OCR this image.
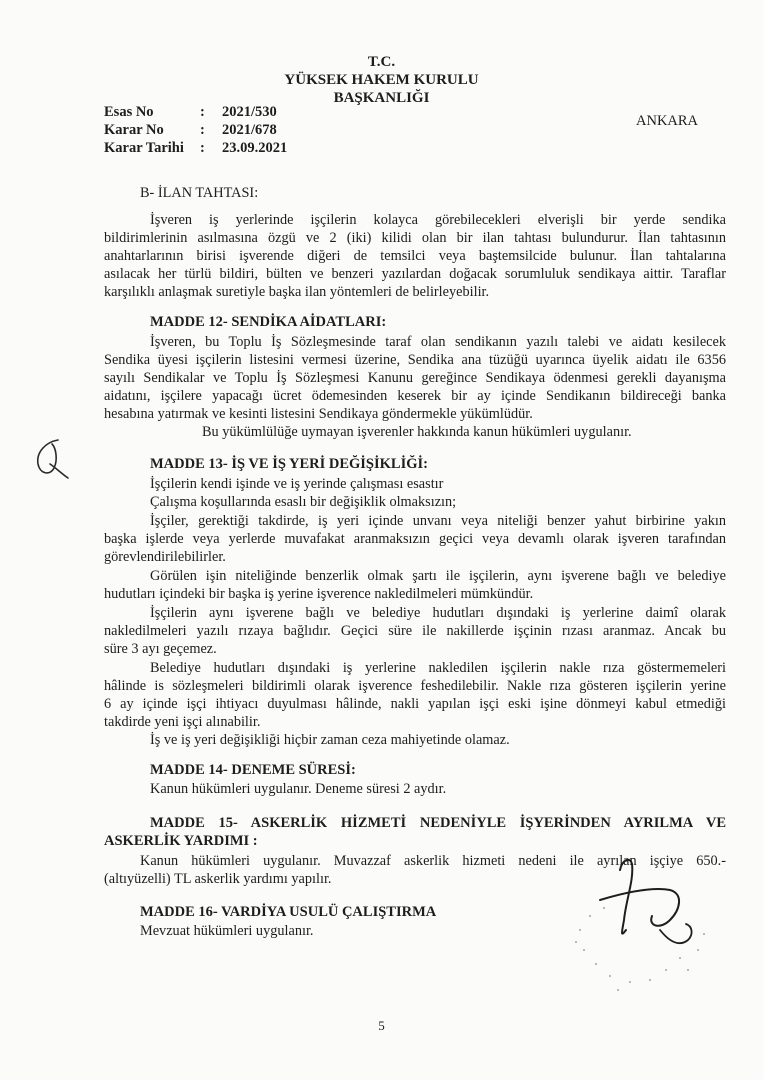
T.C.
YÜKSEK HAKEM KURULU
BAŞKANLIĞI
ANKARA
Esas No	: 2021/530
Karar No	: 2021/678
Karar Tarihi : 23.09.2021
B- İLAN TAHTASI:
İşveren iş yerlerinde işçilerin kolayca görebilecekleri elverişli bir yerde sendika
bildirimlerinin asılmasına özgü ve 2 (iki) kilidi olan bir ilan tahtası bulundurur. İlan tahtasının
anahtarlarının birisi işverende diğeri de temsilci veya baştemsilcide bulunur. İlan tahtalarına
asılacak her türlü bildiri, bülten ve benzeri yazılardan doğacak sorumluluk sendikaya aittir. Taraflar
karşılıklı anlaşmak suretiyle başka ilan yöntemleri de belirleyebilir.
MADDE 12- SENDİKA AİDATLARI:
İşveren, bu Toplu İş Sözleşmesinde taraf olan sendikanın yazılı talebi ve aidatı kesilecek
Sendika üyesi işçilerin listesini vermesi üzerine, Sendika ana tüzüğü uyarınca üyelik aidatı ile 6356
sayılı Sendikalar ve Toplu İş Sözleşmesi Kanunu gereğince Sendikaya ödenmesi gerekli dayanışma
aidatını, işçilere yapacağı ücret ödemesinden keserek bir ay içinde Sendikanın bildireceği banka
hesabına yatırmak ve kesinti listesini Sendikaya göndermekle yükümlüdür.
Bu yükümlülüğe uymayan işverenler hakkında kanun hükümleri uygulanır.
MADDE 13- İŞ VE İŞ YERİ DEĞİŞİKLİĞİ:
İşçilerin kendi işinde ve iş yerinde çalışması esastır
Çalışma koşullarında esaslı bir değişiklik olmaksızın;
İşçiler, gerektiği takdirde, iş yeri içinde unvanı veya niteliği benzer yahut birbirine yakın
başka işlerde veya yerlerde muvafakat aranmaksızın geçici veya devamlı olarak işveren tarafından
görevlendirilebilirler.
Görülen işin niteliğinde benzerlik olmak şartı ile işçilerin, aynı işverene bağlı ve belediye
hudutları içindeki bir başka iş yerine işverence nakledilmeleri mümkündür.
İşçilerin aynı işverene bağlı ve belediye hudutları dışındaki iş yerlerine daimî olarak
nakledilmeleri yazılı rızaya bağlıdır. Geçici süre ile nakillerde işçinin rızası aranmaz. Ancak bu
süre 3 ayı geçemez.
Belediye hudutları dışındaki iş yerlerine nakledilen işçilerin nakle rıza göstermemeleri
hâlinde is sözleşmeleri bildirimli olarak işverence feshedilebilir. Nakle rıza gösteren işçilerin yerine
6 ay içinde işçi ihtiyacı duyulması hâlinde, nakli yapılan işçi eski işine dönmeyi kabul etmediği
takdirde yeni işçi alınabilir.
İş ve iş yeri değişikliği hiçbir zaman ceza mahiyetinde olamaz.
MADDE 14- DENEME SÜRESİ:
Kanun hükümleri uygulanır. Deneme süresi 2 aydır.
MADDE 15- ASKERLİK HİZMETİ NEDENİYLE İŞYERİNDEN AYRILMA VE
ASKERLİK YARDIMI :
Kanun hükümleri uygulanır. Muvazzaf askerlik hizmeti nedeni ile ayrılan işçiye 650.-
(altıyüzelli) TL askerlik yardımı yapılır.
MADDE 16- VARDİYA USULÜ ÇALIŞTIRMA
Mevzuat hükümleri uygulanır.
5
